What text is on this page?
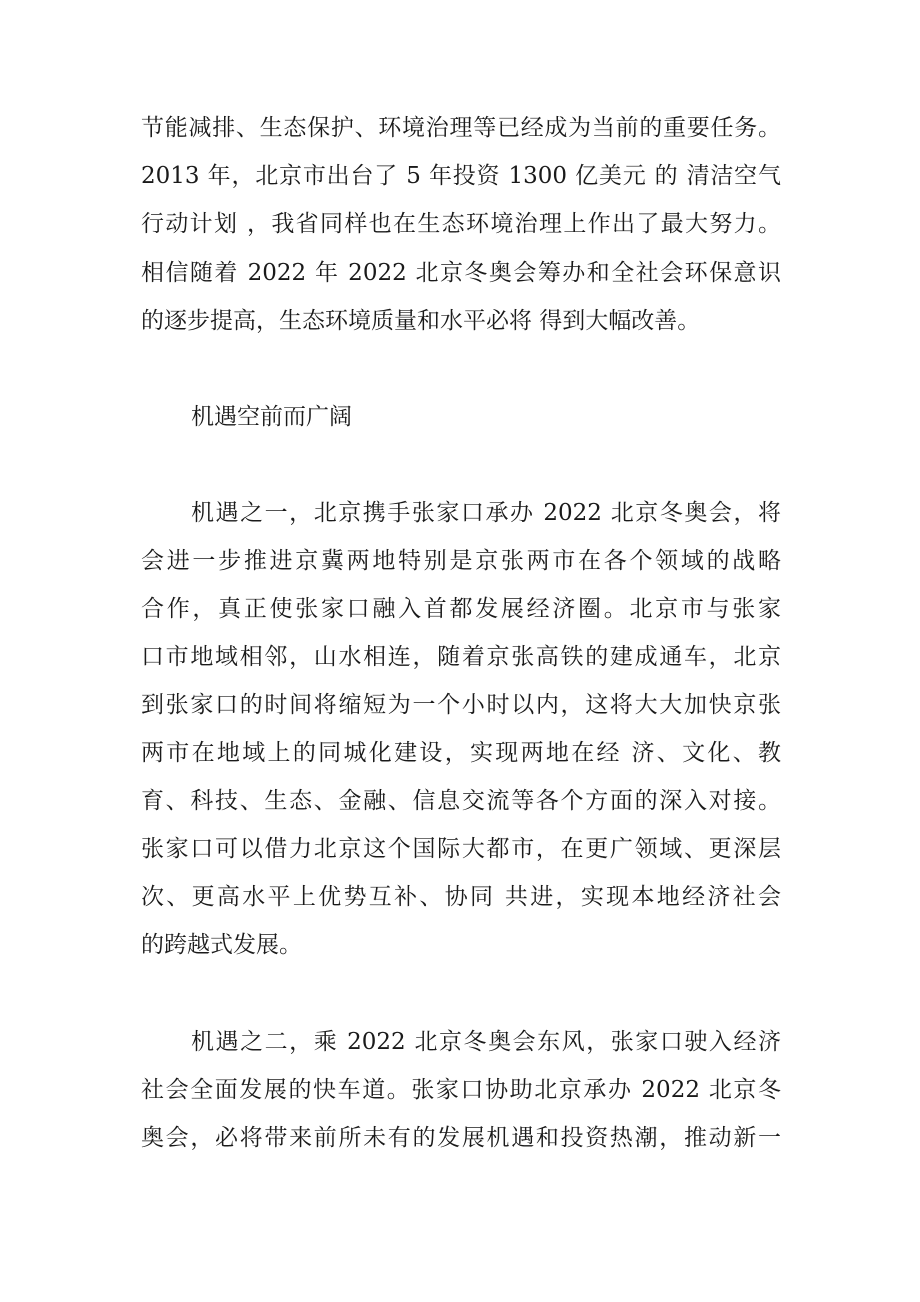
节能减排、生态保护、环境治理等已经成为当前的重要任务。
2013 年，北京市出台了 5 年投资 1300 亿美元 的 清洁空气
行动计划 ，我省同样也在生态环境治理上作出了最大努力。
相信随着 2022 年 2022 北京冬奥会筹办和全社会环保意识
的逐步提高，生态环境质量和水平必将 得到大幅改善。
机遇空前而广阔
机遇之一，北京携手张家口承办 2022 北京冬奥会，将
会进一步推进京冀两地特别是京张两市在各个领域的战略
合作，真正使张家口融入首都发展经济圈。北京市与张家
口市地域相邻，山水相连，随着京张高铁的建成通车，北京
到张家口的时间将缩短为一个小时以内，这将大大加快京张
两市在地域上的同城化建设，实现两地在经 济、文化、教
育、科技、生态、金融、信息交流等各个方面的深入对接。
张家口可以借力北京这个国际大都市，在更广领域、更深层
次、更高水平上优势互补、协同 共进，实现本地经济社会
的跨越式发展。
机遇之二，乘 2022 北京冬奥会东风，张家口驶入经济
社会全面发展的快车道。张家口协助北京承办 2022 北京冬
奥会，必将带来前所未有的发展机遇和投资热潮，推动新一
